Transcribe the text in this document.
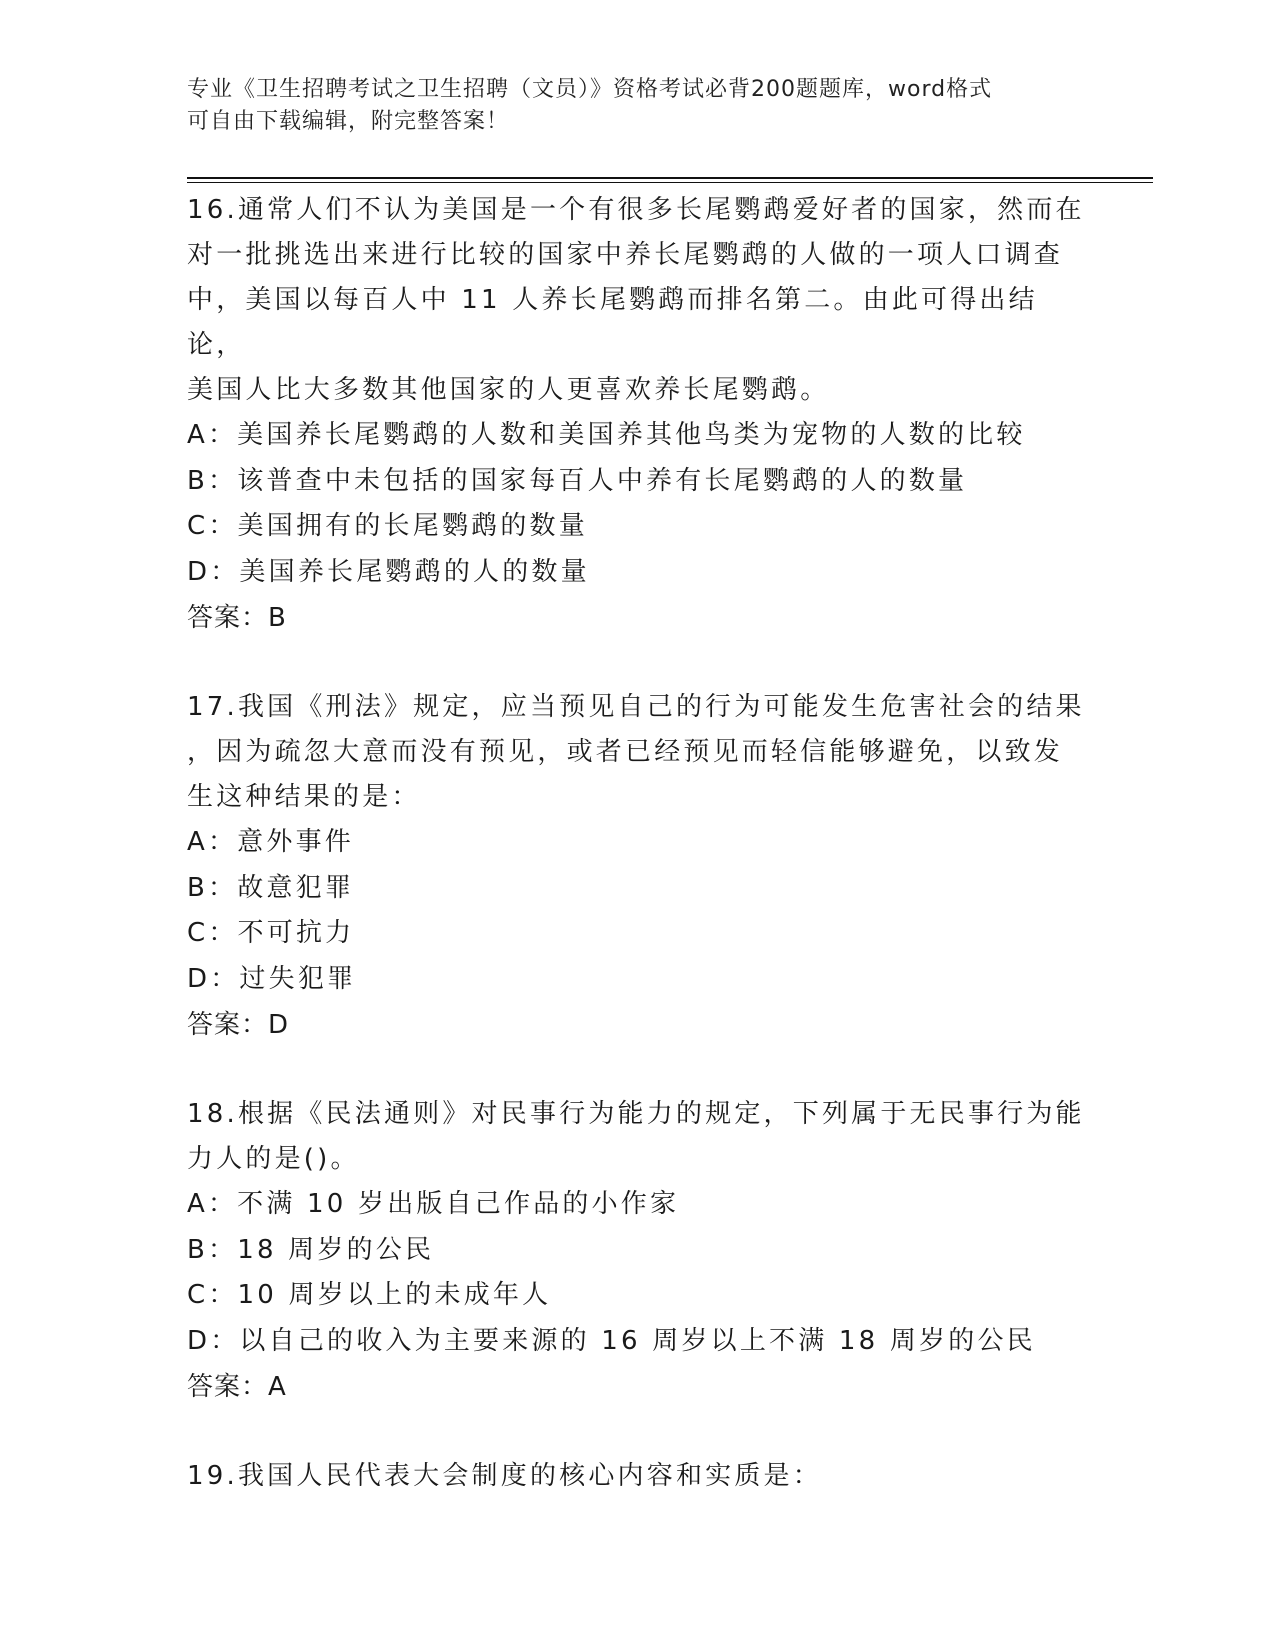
专业《卫生招聘考试之卫生招聘（文员）》资格考试必背200题题库，word格式
可自由下载编辑，附完整答案！
16.通常人们不认为美国是一个有很多长尾鹦鹉爱好者的国家，然而在
对一批挑选出来进行比较的国家中养长尾鹦鹉的人做的一项人口调查
中，美国以每百人中 11 人养长尾鹦鹉而排名第二。由此可得出结论，
美国人比大多数其他国家的人更喜欢养长尾鹦鹉。
A：美国养长尾鹦鹉的人数和美国养其他鸟类为宠物的人数的比较
B：该普查中未包括的国家每百人中养有长尾鹦鹉的人的数量
C：美国拥有的长尾鹦鹉的数量
D：美国养长尾鹦鹉的人的数量
答案：B
17.我国《刑法》规定，应当预见自己的行为可能发生危害社会的结果
，因为疏忽大意而没有预见，或者已经预见而轻信能够避免，以致发
生这种结果的是：
A：意外事件
B：故意犯罪
C：不可抗力
D：过失犯罪
答案：D
18.根据《民法通则》对民事行为能力的规定，下列属于无民事行为能
力人的是()。
A：不满 10 岁出版自己作品的小作家
B：18 周岁的公民
C：10 周岁以上的未成年人
D：以自己的收入为主要来源的 16 周岁以上不满 18 周岁的公民
答案：A
19.我国人民代表大会制度的核心内容和实质是：
